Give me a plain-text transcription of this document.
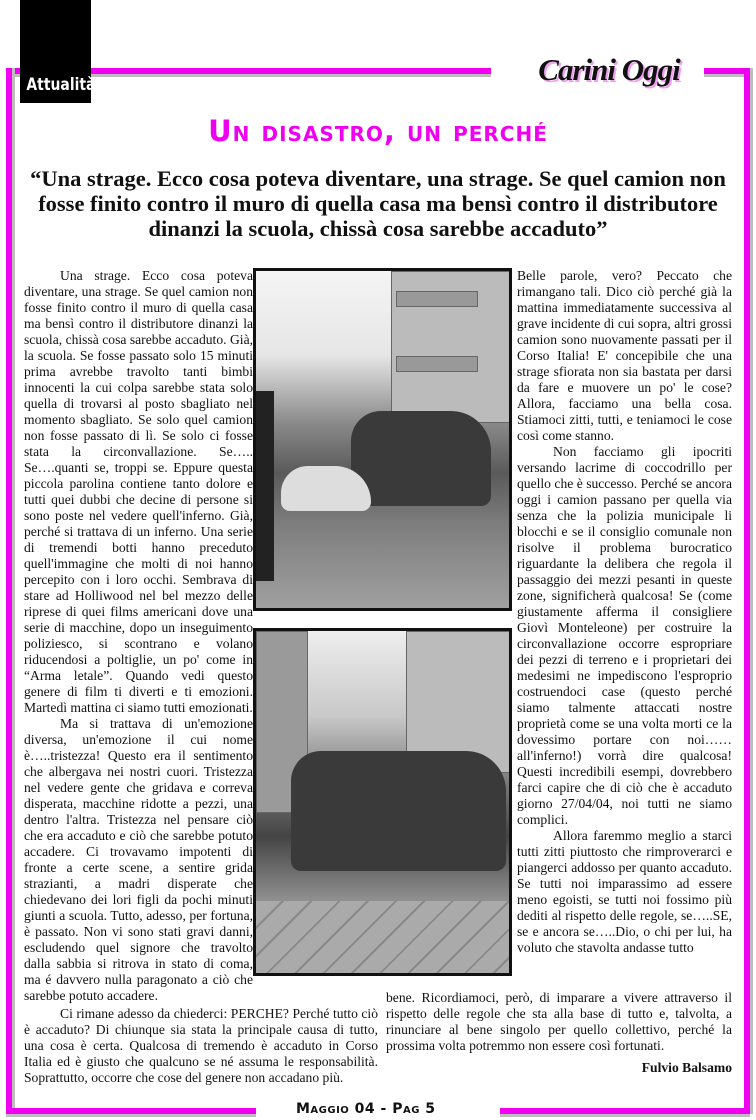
Attualità	Carini Oggi
Un disastro, un perché
“Una strage. Ecco cosa poteva diventare, una strage. Se quel camion non fosse finito contro il muro di quella casa ma bensì contro il distributore dinanzi la scuola, chissà cosa sarebbe accaduto”

Una strage. Ecco cosa poteva diventare, una strage. Se quel camion non fosse finito contro il muro di quella casa ma bensì contro il distributore dinanzi la scuola, chissà cosa sarebbe accaduto. Già, la scuola. Se fosse passato solo 15 minuti prima avrebbe travolto tanti bimbi innocenti la cui colpa sarebbe stata solo quella di trovarsi al posto sbagliato nel momento sbagliato. Se solo quel camion non fosse passato di lì. Se solo ci fosse stata la circonvallazione. Se….. Se….quanti se, troppi se. Eppure questa piccola parolina contiene tanto dolore e tutti quei dubbi che decine di persone si sono poste nel vedere quell'inferno. Già, perché si trattava di un inferno. Una serie di tremendi botti hanno preceduto quell'immagine che molti di noi hanno percepito con i loro occhi. Sembrava di stare ad Holliwood nel bel mezzo delle riprese di quei films americani dove una serie di macchine, dopo un inseguimento poliziesco, si scontrano e volano riducendosi a poltiglie, un po' come in “Arma letale”. Quando vedi questo genere di film ti diverti e ti emozioni. Martedì mattina ci siamo tutti emozionati.

Ma si trattava di un'emozione diversa, un'emozione il cui nome è…..tristezza! Questo era il sentimento che albergava nei nostri cuori. Tristezza nel vedere gente che gridava e correva disperata, macchine ridotte a pezzi, una dentro l'altra. Tristezza nel pensare ciò che era accaduto e ciò che sarebbe potuto accadere. Ci trovavamo impotenti di fronte a certe scene, a sentire grida strazianti, a madri disperate che chiedevano dei lori figli da pochi minuti giunti a scuola. Tutto, adesso, per fortuna, è passato. Non vi sono stati gravi danni, escludendo quel signore che travolto dalla sabbia si ritrova in stato di coma, ma é davvero nulla paragonato a ciò che sarebbe potuto accadere.

Ci rimane adesso da chiederci: PERCHE? Perché tutto ciò è accaduto? Di chiunque sia stata la principale causa di tutto, una cosa è certa. Qualcosa di tremendo è accaduto in Corso Italia ed è giusto che qualcuno se né assuma le responsabilità. Soprattutto, occorre che cose del genere non accadano più.

Belle parole, vero? Peccato che rimangano tali. Dico ciò perché già la mattina immediatamente successiva al grave incidente di cui sopra, altri grossi camion sono nuovamente passati per il Corso Italia! E' concepibile che una strage sfiorata non sia bastata per darsi da fare e muovere un po' le cose? Allora, facciamo una bella cosa. Stiamoci zitti, tutti, e teniamoci le cose così come stanno.

Non facciamo gli ipocriti versando lacrime di coccodrillo per quello che è successo. Perché se ancora oggi i camion passano per quella via senza che la polizia municipale li blocchi e se il consiglio comunale non risolve il problema burocratico riguardante la delibera che regola il passaggio dei mezzi pesanti in queste zone, significherà qualcosa! Se (come giustamente afferma il consigliere Giovì Monteleone) per costruire la circonvallazione occorre espropriare dei pezzi di terreno e i proprietari dei medesimi ne impediscono l'esproprio costruendoci case (questo perché siamo talmente attaccati nostre proprietà come se una volta morti ce la dovessimo portare con noi……all'inferno!) vorrà dire qualcosa! Questi incredibili esempi, dovrebbero farci capire che di ciò che è accaduto giorno 27/04/04, noi tutti ne siamo complici.

Allora faremmo meglio a starci tutti zitti piuttosto che rimproverarci e piangerci addosso per quanto accaduto. Se tutti noi imparassimo ad essere meno egoisti, se tutti noi fossimo più dediti al rispetto delle regole, se…..SE, se e ancora se…..Dio, o chi per lui, ha voluto che stavolta andasse tutto

bene. Ricordiamoci, però, di imparare a vivere attraverso il rispetto delle regole che sta alla base di tutto e, talvolta, a rinunciare al bene singolo per quello collettivo, perché la prossima volta potremmo non essere così fortunati.

Fulvio Balsamo
Maggio 04 - Pag 5
